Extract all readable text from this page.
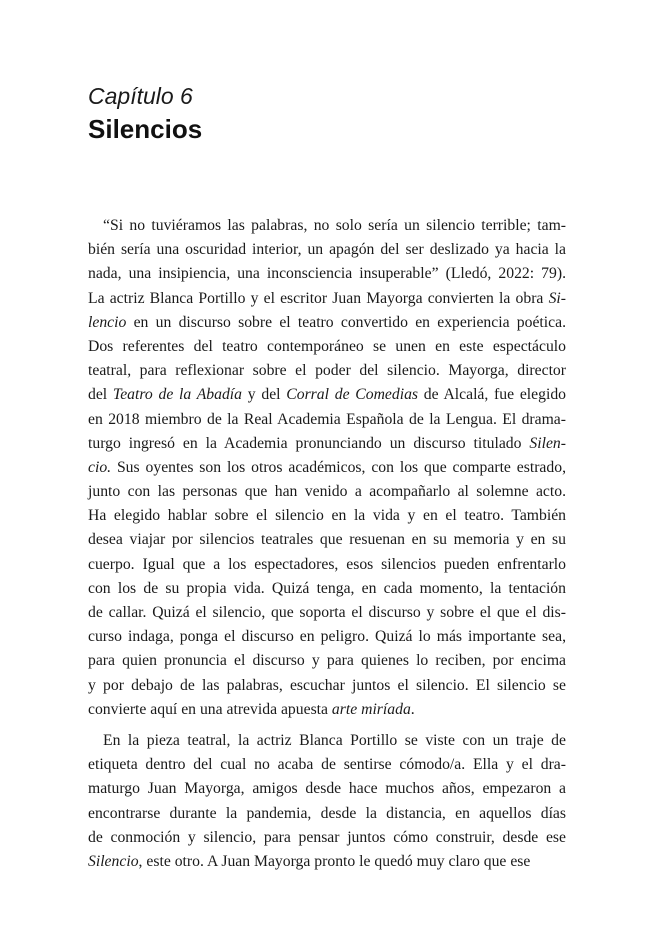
Capítulo 6

Silencios
“Si no tuviéramos las palabras, no solo sería un silencio terrible; tam-
bién sería una oscuridad interior, un apagón del ser deslizado ya hacia la
nada, una insipiencia, una inconsciencia insuperable” (Lledó, 2022: 79).
La actriz Blanca Portillo y el escritor Juan Mayorga convierten la obra Si-
lencio en un discurso sobre el teatro convertido en experiencia poética.
Dos referentes del teatro contemporáneo se unen en este espectáculo
teatral, para reflexionar sobre el poder del silencio. Mayorga, director
del Teatro de la Abadía y del Corral de Comedias de Alcalá, fue elegido
en 2018 miembro de la Real Academia Española de la Lengua. El drama-
turgo ingresó en la Academia pronunciando un discurso titulado Silen-
cio. Sus oyentes son los otros académicos, con los que comparte estrado,
junto con las personas que han venido a acompañarlo al solemne acto.
Ha elegido hablar sobre el silencio en la vida y en el teatro. También
desea viajar por silencios teatrales que resuenan en su memoria y en su
cuerpo. Igual que a los espectadores, esos silencios pueden enfrentarlo
con los de su propia vida. Quizá tenga, en cada momento, la tentación
de callar. Quizá el silencio, que soporta el discurso y sobre el que el dis-
curso indaga, ponga el discurso en peligro. Quizá lo más importante sea,
para quien pronuncia el discurso y para quienes lo reciben, por encima
y por debajo de las palabras, escuchar juntos el silencio. El silencio se
convierte aquí en una atrevida apuesta arte miríada.
En la pieza teatral, la actriz Blanca Portillo se viste con un traje de
etiqueta dentro del cual no acaba de sentirse cómodo/a. Ella y el dra-
maturgo Juan Mayorga, amigos desde hace muchos años, empezaron a
encontrarse durante la pandemia, desde la distancia, en aquellos días
de conmoción y silencio, para pensar juntos cómo construir, desde ese
Silencio, este otro. A Juan Mayorga pronto le quedó muy claro que ese
